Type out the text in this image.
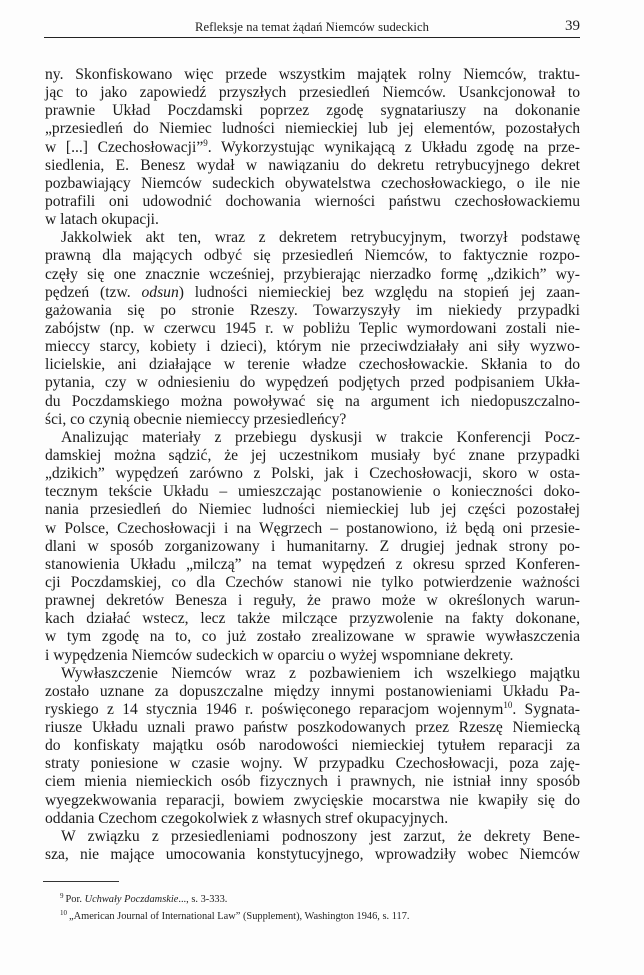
Refleksje na temat żądań Niemców sudeckich	39
ny. Skonfiskowano więc przede wszystkim majątek rolny Niemców, traktu-
jąc to jako zapowiedź przyszłych przesiedleń Niemców. Usankcjonował to
prawnie Układ Poczdamski poprzez zgodę sygnatariuszy na dokonanie
„przesiedleń do Niemiec ludności niemieckiej lub jej elementów, pozostałych
w [...] Czechosłowacji”$^9$. Wykorzystując wynikającą z Układu zgodę na prze-
siedlenia, E. Benesz wydał w nawiązaniu do dekretu retrybucyjnego dekret
pozbawiający Niemców sudeckich obywatelstwa czechosłowackiego, o ile nie
potrafili oni udowodnić dochowania wierności państwu czechosłowackiemu
w latach okupacji.
Jakkolwiek akt ten, wraz z dekretem retrybucyjnym, tworzył podstawę
prawną dla mających odbyć się przesiedleń Niemców, to faktycznie rozpo-
częły się one znacznie wcześniej, przybierając nierzadko formę „dzikich” wy-
pędzeń (tzw. odsun) ludności niemieckiej bez względu na stopień jej zaan-
gażowania się po stronie Rzeszy. Towarzyszyły im niekiedy przypadki
zabójstw (np. w czerwcu 1945 r. w pobliżu Teplic wymordowani zostali nie-
mieccy starcy, kobiety i dzieci), którym nie przeciwdziałały ani siły wyzwo-
licielskie, ani działające w terenie władze czechosłowackie. Skłania to do
pytania, czy w odniesieniu do wypędzeń podjętych przed podpisaniem Ukła-
du Poczdamskiego można powoływać się na argument ich niedopuszczalno-
ści, co czynią obecnie niemieccy przesiedleńcy?
Analizując materiały z przebiegu dyskusji w trakcie Konferencji Pocz-
damskiej można sądzić, że jej uczestnikom musiały być znane przypadki
„dzikich” wypędzeń zarówno z Polski, jak i Czechosłowacji, skoro w osta-
tecznym tekście Układu – umieszczając postanowienie o konieczności doko-
nania przesiedleń do Niemiec ludności niemieckiej lub jej części pozostałej
w Polsce, Czechosłowacji i na Węgrzech – postanowiono, iż będą oni przesie-
dlani w sposób zorganizowany i humanitarny. Z drugiej jednak strony po-
stanowienia Układu „milczą” na temat wypędzeń z okresu sprzed Konferen-
cji Poczdamskiej, co dla Czechów stanowi nie tylko potwierdzenie ważności
prawnej dekretów Benesza i reguły, że prawo może w określonych warun-
kach działać wstecz, lecz także milczące przyzwolenie na fakty dokonane,
w tym zgodę na to, co już zostało zrealizowane w sprawie wywłaszczenia
i wypędzenia Niemców sudeckich w oparciu o wyżej wspomniane dekrety.
Wywłaszczenie Niemców wraz z pozbawieniem ich wszelkiego majątku
zostało uznane za dopuszczalne między innymi postanowieniami Układu Pa-
ryskiego z 14 stycznia 1946 r. poświęconego reparacjom wojennym$^{10}$. Sygnata-
riusze Układu uznali prawo państw poszkodowanych przez Rzeszę Niemiecką
do konfiskaty majątku osób narodowości niemieckiej tytułem reparacji za
straty poniesione w czasie wojny. W przypadku Czechosłowacji, poza zaję-
ciem mienia niemieckich osób fizycznych i prawnych, nie istniał inny sposób
wyegzekwowania reparacji, bowiem zwycięskie mocarstwa nie kwapiły się do
oddania Czechom czegokolwiek z własnych stref okupacyjnych.
W związku z przesiedleniami podnoszony jest zarzut, że dekrety Bene-
sza, nie mające umocowania konstytucyjnego, wprowadziły wobec Niemców
$^9$ Por. Uchwały Poczdamskie..., s. 3-333.
$^{10}$ „American Journal of International Law” (Supplement), Washington 1946, s. 117.
